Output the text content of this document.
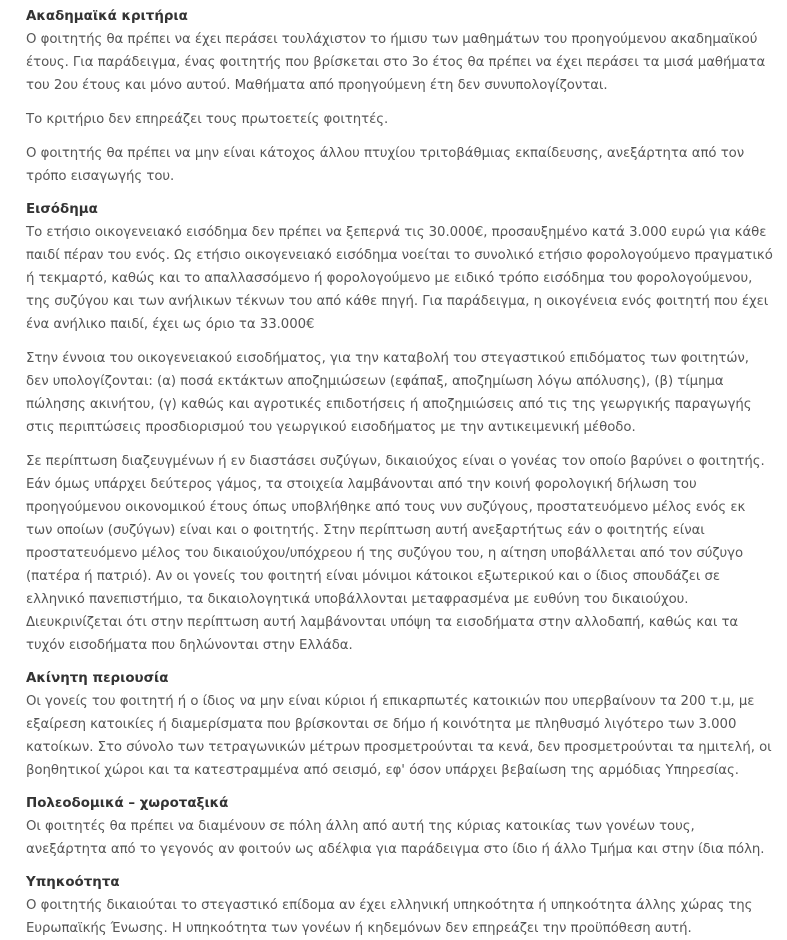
Ακαδημαϊκά κριτήρια

Ο φοιτητής θα πρέπει να έχει περάσει τουλάχιστον το ήμισυ των μαθημάτων του προηγούμενου ακαδημαϊκού έτους. Για παράδειγμα, ένας φοιτητής που βρίσκεται στο 3ο έτος θα πρέπει να έχει περάσει τα μισά μαθήματα του 2ου έτους και μόνο αυτού. Μαθήματα από προηγούμενη έτη δεν συνυπολογίζονται.

Το κριτήριο δεν επηρεάζει τους πρωτοετείς φοιτητές.

Ο φοιτητής θα πρέπει να μην είναι κάτοχος άλλου πτυχίου τριτοβάθμιας εκπαίδευσης, ανεξάρτητα από τον τρόπο εισαγωγής του.

Εισόδημα

Το ετήσιο οικογενειακό εισόδημα δεν πρέπει να ξεπερνά τις 30.000€, προσαυξημένο κατά 3.000 ευρώ για κάθε παιδί πέραν του ενός. Ως ετήσιο οικογενειακό εισόδημα νοείται το συνολικό ετήσιο φορολογούμενο πραγματικό ή τεκμαρτό, καθώς και το απαλλασσόμενο ή φορολογούμενο με ειδικό τρόπο εισόδημα του φορολογούμενου, της συζύγου και των ανήλικων τέκνων του από κάθε πηγή. Για παράδειγμα, η οικογένεια ενός φοιτητή που έχει ένα ανήλικο παιδί, έχει ως όριο τα 33.000€

Στην έννοια του οικογενειακού εισοδήματος, για την καταβολή του στεγαστικού επιδόματος των φοιτητών, δεν υπολογίζονται: (α) ποσά εκτάκτων αποζημιώσεων (εφάπαξ, αποζημίωση λόγω απόλυσης), (β) τίμημα πώλησης ακινήτου, (γ) καθώς και αγροτικές επιδοτήσεις ή αποζημιώσεις από τις της γεωργικής παραγωγής στις περιπτώσεις προσδιορισμού του γεωργικού εισοδήματος με την αντικειμενική μέθοδο.

Σε περίπτωση διαζευγμένων ή εν διαστάσει συζύγων, δικαιούχος είναι ο γονέας τον οποίο βαρύνει ο φοιτητής. Εάν όμως υπάρχει δεύτερος γάμος, τα στοιχεία λαμβάνονται από την κοινή φορολογική δήλωση του προηγούμενου οικονομικού έτους όπως υποβλήθηκε από τους νυν συζύγους, προστατευόμενο μέλος ενός εκ των οποίων (συζύγων) είναι και ο φοιτητής. Στην περίπτωση αυτή ανεξαρτήτως εάν ο φοιτητής είναι προστατευόμενο μέλος του δικαιούχου/υπόχρεου ή της συζύγου του, η αίτηση υποβάλλεται από τον σύζυγο (πατέρα ή πατριό). Αν οι γονείς του φοιτητή είναι μόνιμοι κάτοικοι εξωτερικού και ο ίδιος σπουδάζει σε ελληνικό πανεπιστήμιο, τα δικαιολογητικά υποβάλλονται μεταφρασμένα με ευθύνη του δικαιούχου. Διευκρινίζεται ότι στην περίπτωση αυτή λαμβάνονται υπόψη τα εισοδήματα στην αλλοδαπή, καθώς και τα τυχόν εισοδήματα που δηλώνονται στην Ελλάδα.

Ακίνητη περιουσία

Οι γονείς του φοιτητή ή ο ίδιος να μην είναι κύριοι ή επικαρπωτές κατοικιών που υπερβαίνουν τα 200 τ.μ, με εξαίρεση κατοικίες ή διαμερίσματα που βρίσκονται σε δήμο ή κοινότητα με πληθυσμό λιγότερο των 3.000 κατοίκων. Στο σύνολο των τετραγωνικών μέτρων προσμετρούνται τα κενά, δεν προσμετρούνται τα ημιτελή, οι βοηθητικοί χώροι και τα κατεστραμμένα από σεισμό, εφ' όσον υπάρχει βεβαίωση της αρμόδιας Υπηρεσίας.

Πολεοδομικά – χωροταξικά

Οι φοιτητές θα πρέπει να διαμένουν σε πόλη άλλη από αυτή της κύριας κατοικίας των γονέων τους, ανεξάρτητα από το γεγονός αν φοιτούν ως αδέλφια για παράδειγμα στο ίδιο ή άλλο Τμήμα και στην ίδια πόλη.

Υπηκοότητα

Ο φοιτητής δικαιούται το στεγαστικό επίδομα αν έχει ελληνική υπηκοότητα ή υπηκοότητα άλλης χώρας της Ευρωπαϊκής Ένωσης. Η υπηκοότητα των γονέων ή κηδεμόνων δεν επηρεάζει την προϋπόθεση αυτή.
